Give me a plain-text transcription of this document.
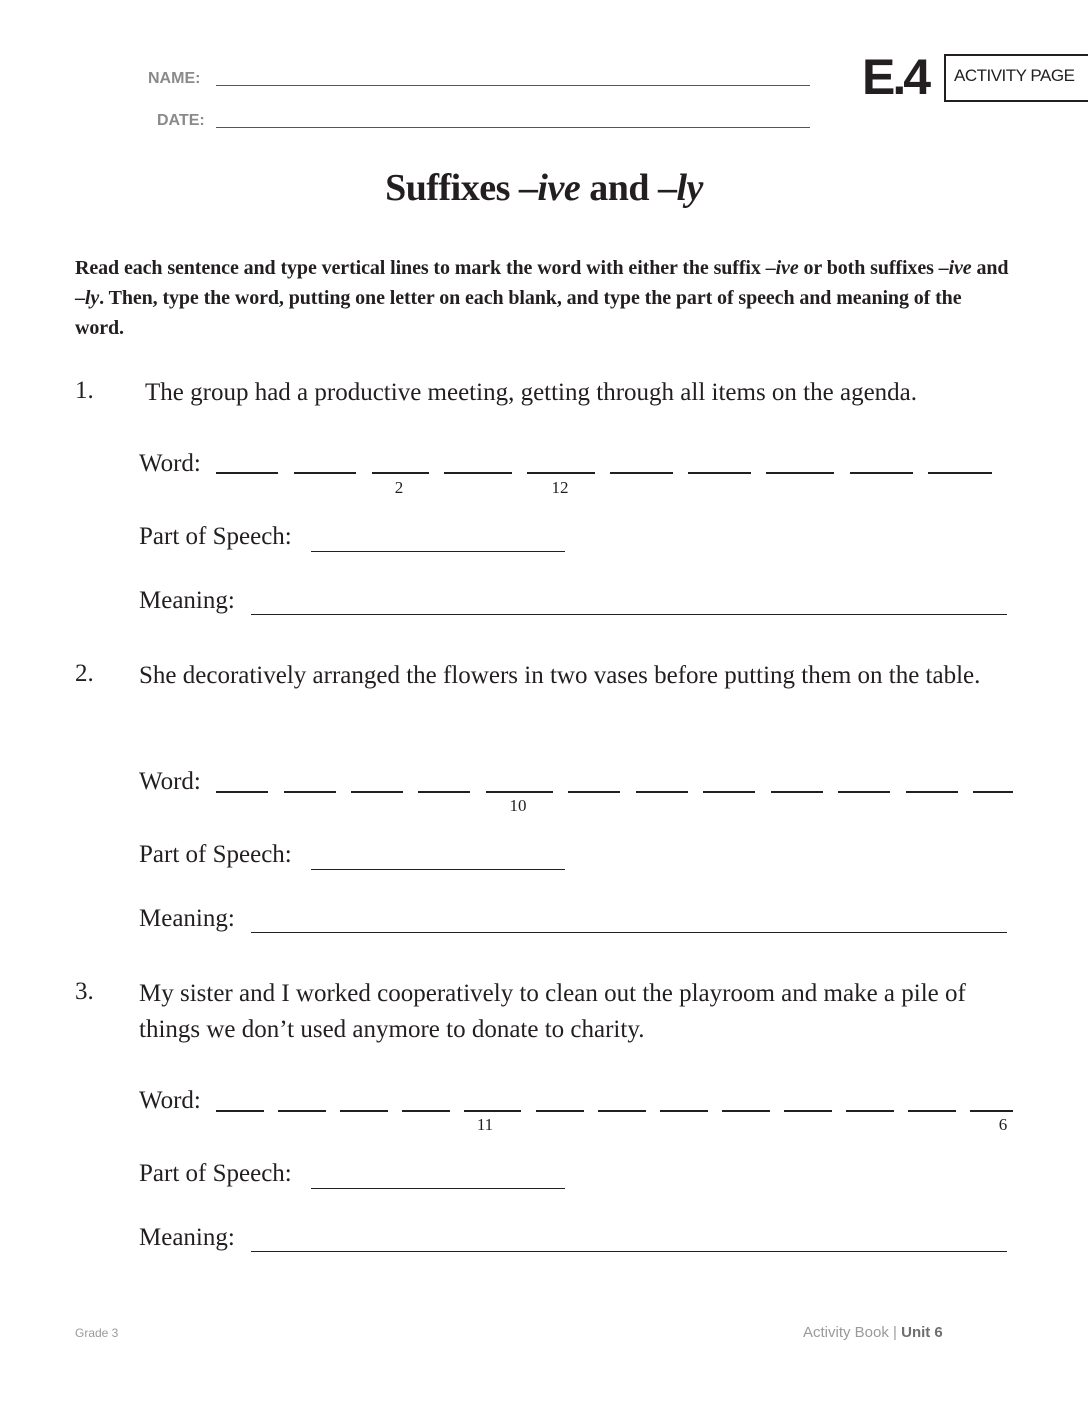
NAME:
DATE:
E.4 ACTIVITY PAGE
Suffixes –ive and –ly
Read each sentence and type vertical lines to mark the word with either the suffix –ive or both suffixes –ive and –ly. Then, type the word, putting one letter on each blank, and type the part of speech and meaning of the word.
1. The group had a productive meeting, getting through all items on the agenda.
Word:
2	12
Part of Speech:
Meaning:
2. She decoratively arranged the flowers in two vases before putting them on the table.
Word:
10
Part of Speech:
Meaning:
3. My sister and I worked cooperatively to clean out the playroom and make a pile of things we don’t used anymore to donate to charity.
Word:
11	6
Part of Speech:
Meaning:
Grade 3	Activity Book | Unit 6
